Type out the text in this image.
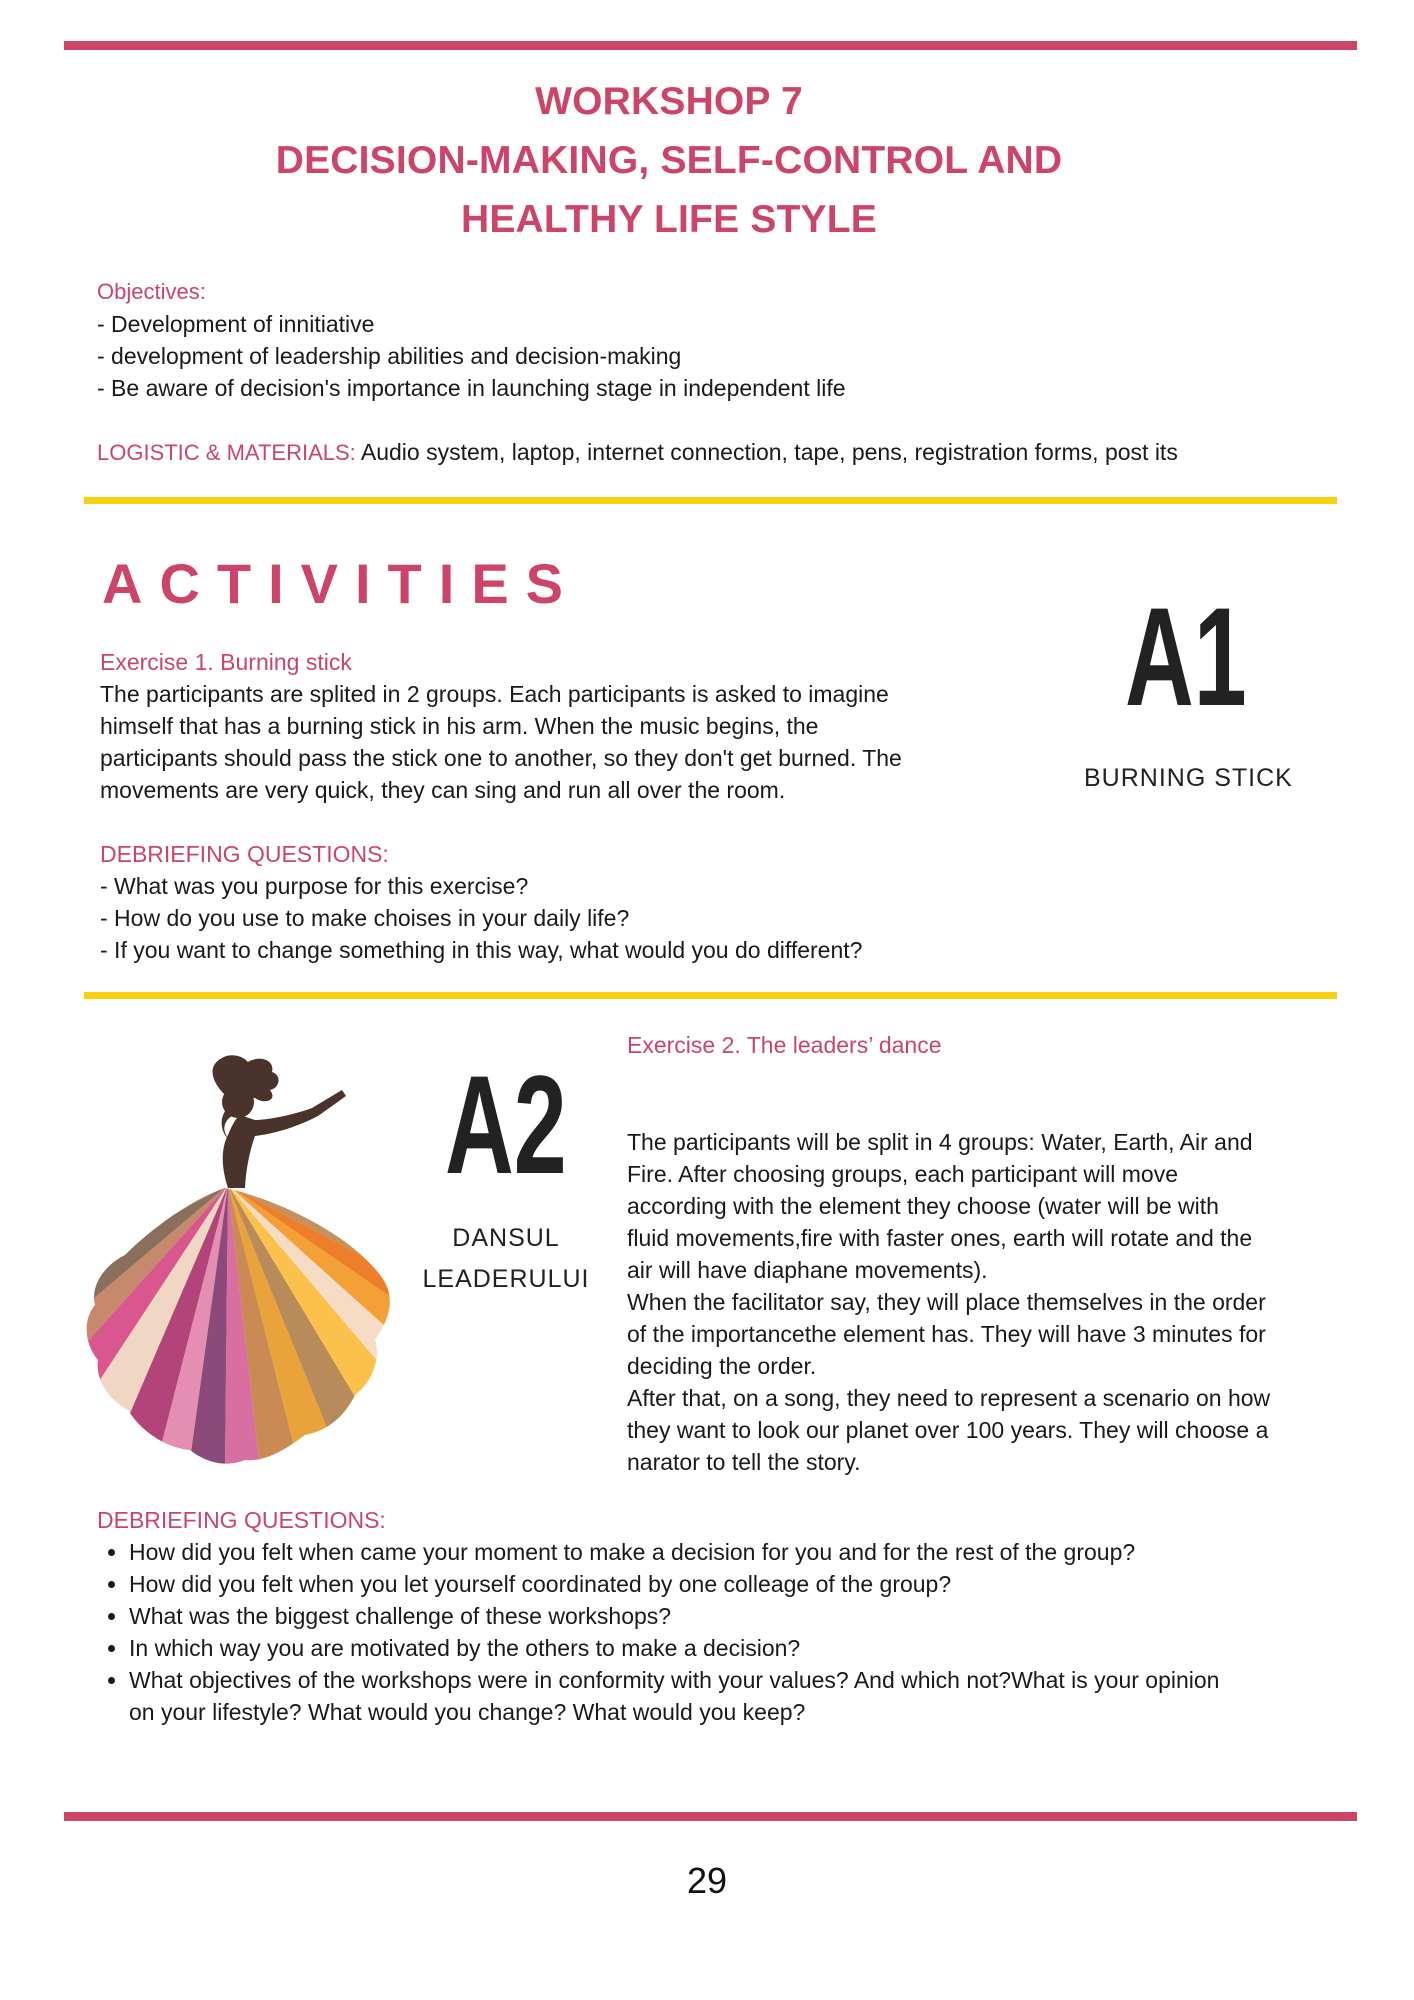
WORKSHOP 7
DECISION-MAKING, SELF-CONTROL AND
HEALTHY LIFE STYLE
Objectives:
- Development of innitiative
- development of leadership abilities and decision-making
- Be aware of decision's importance in launching stage in independent life
LOGISTIC & MATERIALS: Audio system, laptop, internet connection, tape, pens, registration forms, post its
ACTIVITIES
Exercise 1. Burning stick
The participants are splited in 2 groups. Each participants is asked to imagine
himself that has a burning stick in his arm. When the music begins, the
participants should pass the stick one to another, so they don't get burned. The
movements are very quick, they can sing and run all over the room.
DEBRIEFING QUESTIONS:
- What was you purpose for this exercise?
- How do you use to make choises in your daily life?
- If you want to change something in this way, what would you do different?
A1
BURNING STICK
A2
DANSUL
LEADERULUI
Exercise 2. The leaders’ dance
The participants will be split in 4 groups: Water, Earth, Air and
Fire. After choosing groups, each participant will move
according with the element they choose (water will be with
fluid movements,fire with faster ones, earth will rotate and the
air will have diaphane movements).
When the facilitator say, they will place themselves in the order
of the importancethe element has. They will have 3 minutes for
deciding the order.
After that, on a song, they need to represent a scenario on how
they want to look our planet over 100 years. They will choose a
narator to tell the story.
DEBRIEFING QUESTIONS:
• How did you felt when came your moment to make a decision for you and for the rest of the group?
• How did you felt when you let yourself coordinated by one colleage of the group?
• What was the biggest challenge of these workshops?
• In which way you are motivated by the others to make a decision?
• What objectives of the workshops were in conformity with your values? And which not?What is your opinion on your lifestyle? What would you change? What would you keep?
29
